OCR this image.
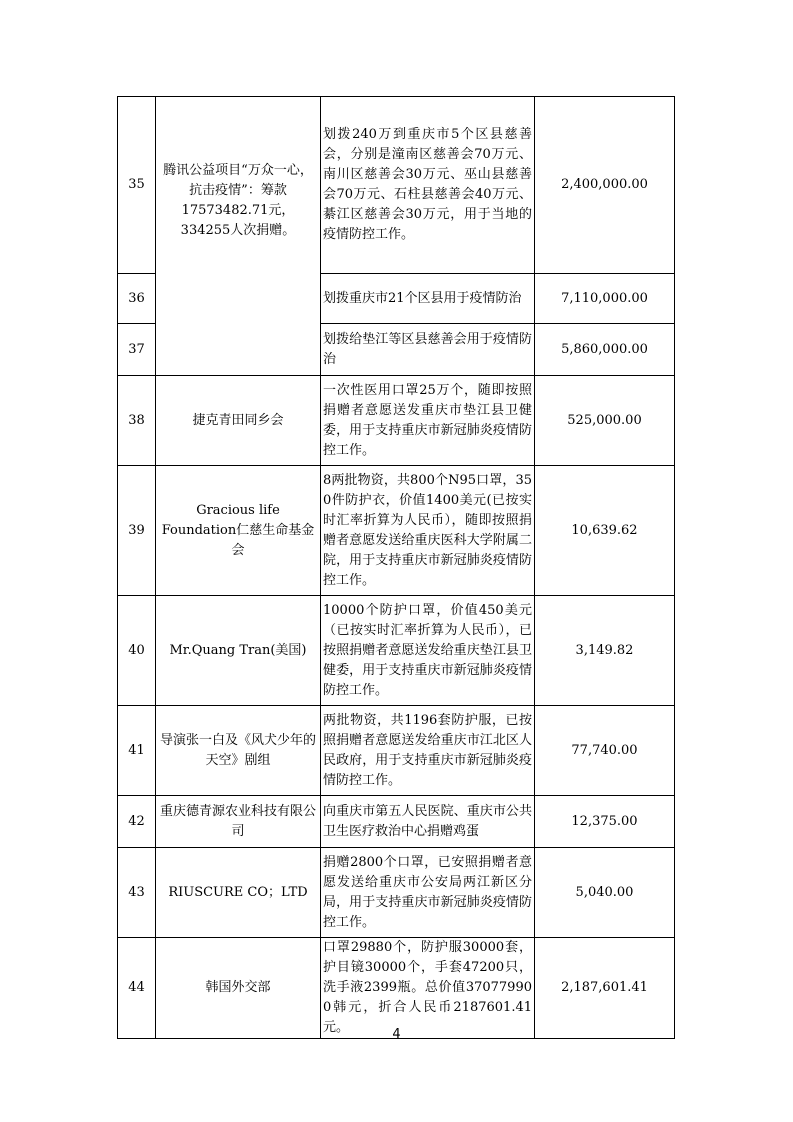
35	腾讯公益项目“万众一心，抗击疫情”：筹款17573482.71元，334255人次捐赠。	划拨240万到重庆市5个区县慈善会，分别是潼南区慈善会70万元、南川区慈善会30万元、巫山县慈善会70万元、石柱县慈善会40万元、綦江区慈善会30万元，用于当地的疫情防控工作。	2,400,000.00
36		划拨重庆市21个区县用于疫情防治	7,110,000.00
37		划拨给垫江等区县慈善会用于疫情防治	5,860,000.00
38	捷克青田同乡会	一次性医用口罩25万个，随即按照捐赠者意愿送发重庆市垫江县卫健委，用于支持重庆市新冠肺炎疫情防控工作。	525,000.00
39	Gracious life Foundation仁慈生命基金会	8两批物资，共800个N95口罩，350件防护衣，价值1400美元(已按实时汇率折算为人民币），随即按照捐赠者意愿发送给重庆医科大学附属二院，用于支持重庆市新冠肺炎疫情防控工作。	10,639.62
40	Mr.Quang Tran(美国)	10000个防护口罩，价值450美元（已按实时汇率折算为人民币），已按照捐赠者意愿送发给重庆垫江县卫健委，用于支持重庆市新冠肺炎疫情防控工作。	3,149.82
41	导演张一白及《风犬少年的天空》剧组	两批物资，共1196套防护服，已按照捐赠者意愿送发给重庆市江北区人民政府，用于支持重庆市新冠肺炎疫情防控工作。	77,740.00
42	重庆德青源农业科技有限公司	向重庆市第五人民医院、重庆市公共卫生医疗救治中心捐赠鸡蛋	12,375.00
43	RIUSCURE CO；LTD	捐赠2800个口罩，已安照捐赠者意愿发送给重庆市公安局两江新区分局，用于支持重庆市新冠肺炎疫情防控工作。	5,040.00
44	韩国外交部	口罩29880个，防护服30000套，护目镜30000个，手套47200只，洗手液2399瓶。总价值370779900韩元，折合人民币2187601.41元。	2,187,601.41
4
